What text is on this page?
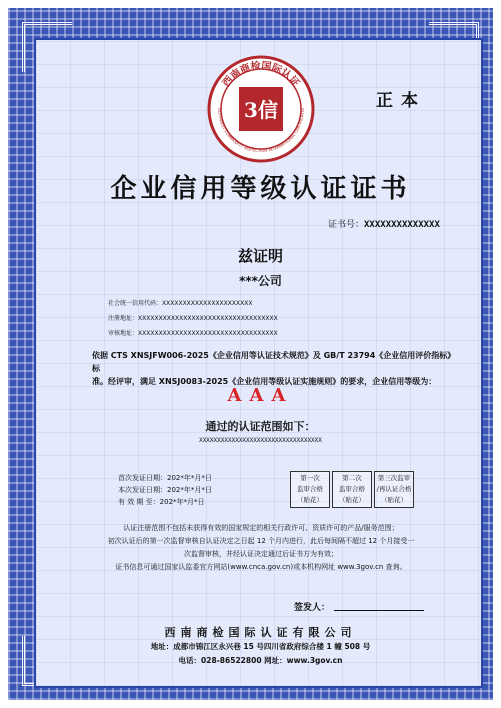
西南商检国际认证
OUTHWEST COMMODITY INSPECTION INTERNATIONAL CERTIFICATIO
3信	正本
企业信用等级认证证书
证书号：XXXXXXXXXXXXXX
兹证明
***公司
社会统一信用代码：XXXXXXXXXXXXXXXXXXXXXX
注册地址：XXXXXXXXXXXXXXXXXXXXXXXXXXXXXXXXXX
审核地址：XXXXXXXXXXXXXXXXXXXXXXXXXXXXXXXXXX
依据 CTS XNSJFW006-2025《企业信用等认证技术规范》及 GB/T 23794《企业信用评价指标》标
准。经评审，满足 XNSJ0083-2025《企业信用等级认证实施规则》的要求，企业信用等级为：
AAA
通过的认证范围如下：
XXXXXXXXXXXXXXXXXXXXXXXXXXXXXXXXXX
首次发证日期：202*年*月*日
本次发证日期：202*年*月*日
有 效 期 至：202*年*月*日
第一次
监审合格
（贴花）
第二次
监审合格
（贴花）
第三次监审
/再认证合格
（贴花）
认证注册范围不包括未获得有效的国家规定的相关行政许可、资质许可的产品/服务范围；
初次认证后的第一次监督审核自认证决定之日起 12 个月内进行，此后每间隔不超过 12 个月接受一
次监督审核，并经认证决定通过后证书方为有效；
证书信息可通过国家认监委官方网站(www.cnca.gov.cn)或本机构网址 www.3gov.cn 查询。
签发人：
西南商检国际认证有限公司
地址：成都市锦江区永兴巷 15 号四川省政府综合楼 1 幢 508 号
电话：028-86522800 网址：www.3gov.cn
